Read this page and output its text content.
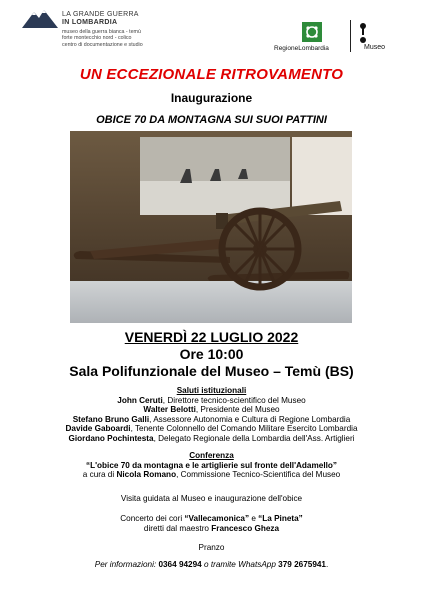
LA GRANDE GUERRA
IN LOMBARDIA
museo della guerra bianca - temù
forte montecchio nord - colico
centro di documentazione e studio
RegioneLombardia	Museo
UN ECCEZIONALE RITROVAMENTO
Inaugurazione
OBICE 70 DA MONTAGNA SUI SUOI PATTINI
VENERDÌ 22 LUGLIO 2022
Ore 10:00
Sala Polifunzionale del Museo – Temù (BS)
Saluti istituzionali
John Ceruti, Direttore tecnico-scientifico del Museo
Walter Belotti, Presidente del Museo
Stefano Bruno Galli, Assessore Autonomia e Cultura di Regione Lombardia
Davide Gaboardi, Tenente Colonnello del Comando Militare Esercito Lombardia
Giordano Pochintesta, Delegato Regionale della Lombardia dell'Ass. Artiglieri
Conferenza
“L'obice 70 da montagna e le artiglierie sul fronte dell'Adamello”
a cura di Nicola Romano, Commissione Tecnico-Scientifica del Museo
Visita guidata al Museo e inaugurazione dell'obice
Concerto dei cori “Vallecamonica” e “La Pineta”
diretti dal maestro Francesco Gheza
Pranzo
Per informazioni: 0364 94294 o tramite WhatsApp 379 2675941.
